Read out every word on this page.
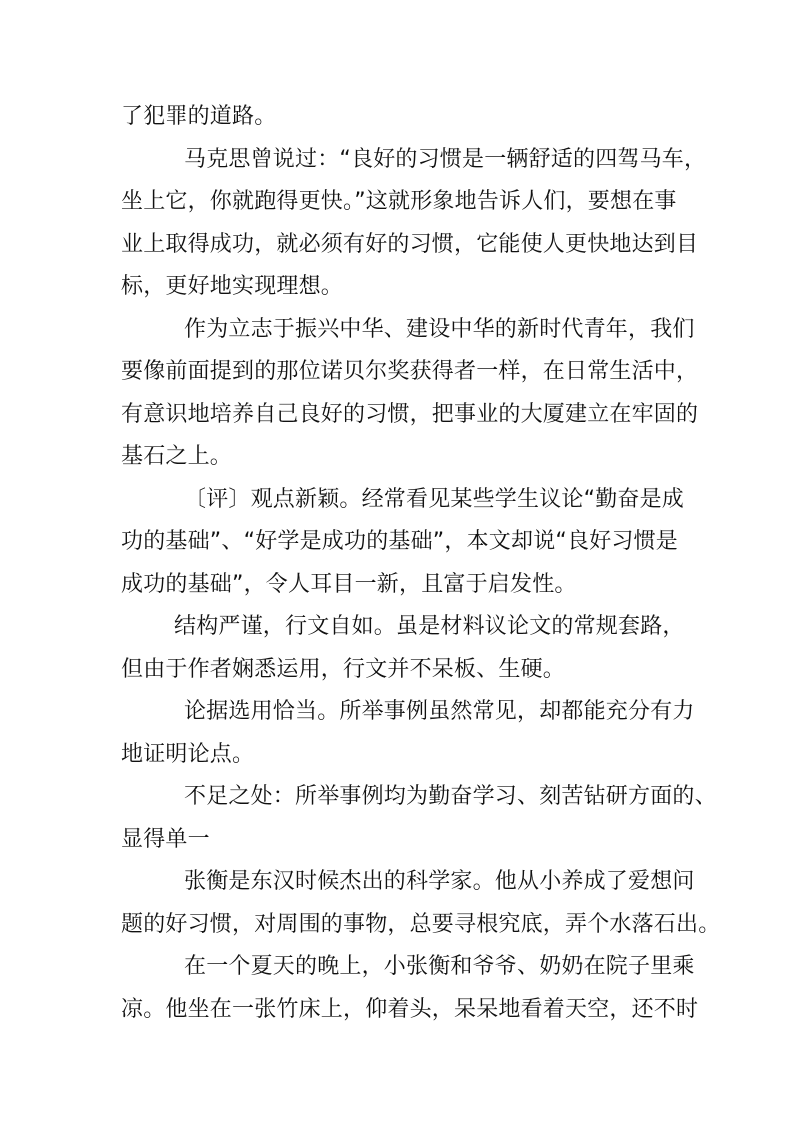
了犯罪的道路。
马克思曾说过：“良好的习惯是一辆舒适的四驾马车，
坐上它，你就跑得更快。”这就形象地告诉人们，要想在事
业上取得成功，就必须有好的习惯，它能使人更快地达到目
标，更好地实现理想。
作为立志于振兴中华、建设中华的新时代青年，我们
要像前面提到的那位诺贝尔奖获得者一样，在日常生活中，
有意识地培养自己良好的习惯，把事业的大厦建立在牢固的
基石之上。
〔评〕观点新颖。经常看见某些学生议论“勤奋是成
功的基础”、“好学是成功的基础”，本文却说“良好习惯是
成功的基础”，令人耳目一新，且富于启发性。
结构严谨，行文自如。虽是材料议论文的常规套路，
但由于作者娴悉运用，行文并不呆板、生硬。
论据选用恰当。所举事例虽然常见，却都能充分有力
地证明论点。
不足之处：所举事例均为勤奋学习、刻苦钻研方面的、
显得单一
张衡是东汉时候杰出的科学家。他从小养成了爱想问
题的好习惯，对周围的事物，总要寻根究底，弄个水落石出。
在一个夏天的晚上，小张衡和爷爷、奶奶在院子里乘
凉。他坐在一张竹床上，仰着头，呆呆地看着天空，还不时
